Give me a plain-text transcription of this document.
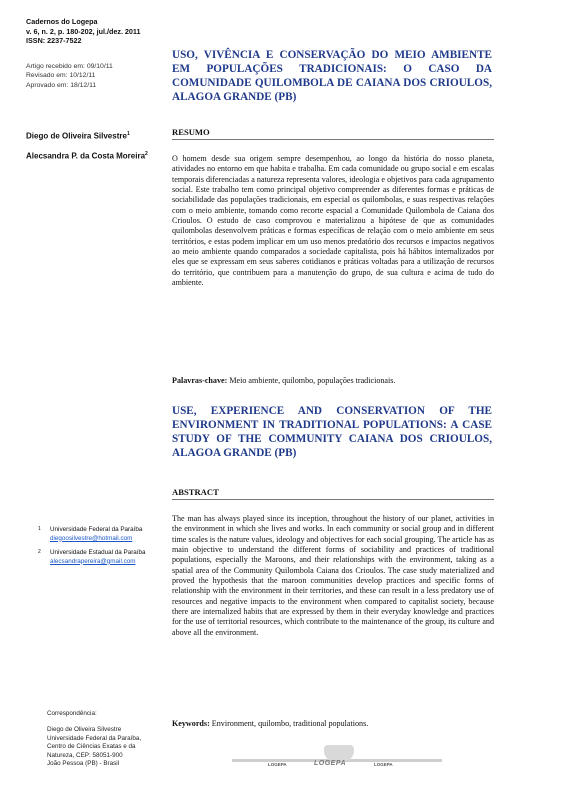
Cadernos do Logepa
v. 6, n. 2, p. 180-202, jul./dez. 2011
ISSN: 2237-7522
Artigo recebido em: 09/10/11
Revisado em: 10/12/11
Aprovado em: 18/12/11
Diego de Oliveira Silvestre$^1$
Alecsandra P. da Costa Moreira$^2$
USO, VIVÊNCIA E CONSERVAÇÃO DO MEIO AMBIENTE EM POPULAÇÕES TRADICIONAIS: O CASO DA COMUNIDADE QUILOMBOLA DE CAIANA DOS CRIOULOS, ALAGOA GRANDE (PB)
RESUMO
O homem desde sua origem sempre desempenhou, ao longo da história do nosso planeta, atividades no entorno em que habita e trabalha. Em cada comunidade ou grupo social e em escalas temporais diferenciadas a natureza representa valores, ideologia e objetivos para cada agrupamento social. Este trabalho tem como principal objetivo compreender as diferentes formas e práticas de sociabilidade das populações tradicionais, em especial os quilombolas, e suas respectivas relações com o meio ambiente, tomando como recorte espacial a Comunidade Quilombola de Caiana dos Crioulos. O estudo de caso comprovou e materializou a hipótese de que as comunidades quilombolas desenvolvem práticas e formas específicas de relação com o meio ambiente em seus territórios, e estas podem implicar em um uso menos predatório dos recursos e impactos negativos ao meio ambiente quando comparados a sociedade capitalista, pois há hábitos internalizados por eles que se expressam em seus saberes cotidianos e práticas voltadas para a utilização de recursos do território, que contribuem para a manutenção do grupo, de sua cultura e acima de tudo do ambiente.
Palavras-chave: Meio ambiente, quilombo, populações tradicionais.
USE, EXPERIENCE AND CONSERVATION OF THE ENVIRONMENT IN TRADITIONAL POPULATIONS: A CASE STUDY OF THE COMMUNITY CAIANA DOS CRIOULOS, ALAGOA GRANDE (PB)
ABSTRACT
The man has always played since its inception, throughout the history of our planet, activities in the environment in which she lives and works. In each community or social group and in different time scales is the nature values, ideology and objectives for each social grouping. The article has as main objective to understand the different forms of sociability and practices of traditional populations, especially the Maroons, and their relationships with the environment, taking as a spatial area of the Community Quilombola Caiana dos Crioulos. The case study materialized and proved the hypothesis that the maroon communities develop practices and specific forms of relationship with the environment in their territories, and these can result in a less predatory use of resources and negative impacts to the environment when compared to capitalist society, because there are internalized habits that are expressed by them in their everyday knowledge and practices for the use of territorial resources, which contribute to the maintenance of the group, its culture and above all the environment.
Keywords: Environment, quilombo, traditional populations.
1 Universidade Federal da Paraíba
diegoosilvestre@hotmail.com
2 Universidade Estadual da Paraíba
alecsandrapereira@gmail.com
Correspondência:
Diego de Oliveira Silvestre
Universidade Federal da Paraíba,
Centro de Ciências Exatas e da
Natureza, CEP: 58051-900
João Pessoa (PB) - Brasil	LOGEPA	LOGEPA	LOGEPA
